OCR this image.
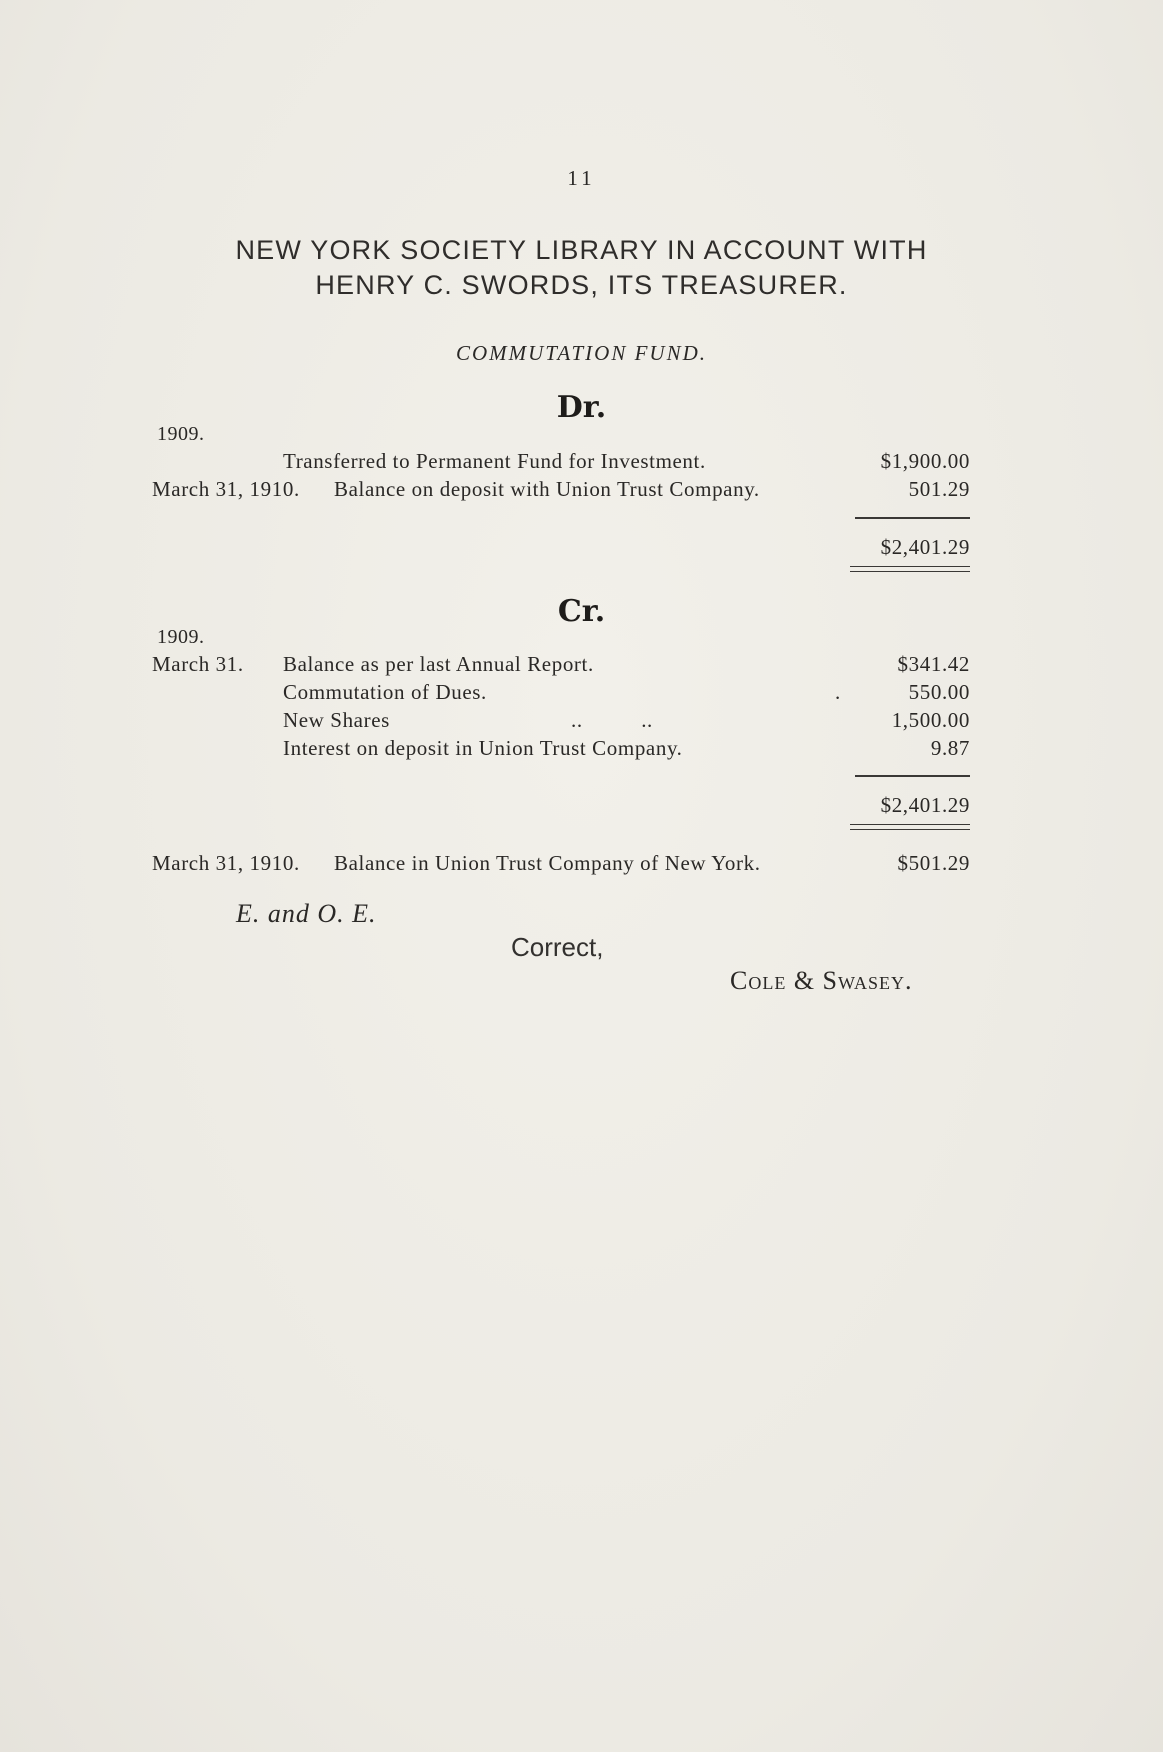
11
NEW YORK SOCIETY LIBRARY IN ACCOUNT WITH
HENRY C. SWORDS, ITS TREASURER.
COMMUTATION FUND.
Dr.
1909.
Transferred to Permanent Fund for Investment.	$1,900.00
March 31, 1910. Balance on deposit with Union Trust Company.	501.29
$2,401.29
Cr.
1909.
March 31. Balance as per last Annual Report.	$341.42
Commutation of Dues.	.	550.00
New Shares	..          ..	1,500.00
Interest on deposit in Union Trust Company.	9.87
$2,401.29
March 31, 1910. Balance in Union Trust Company of New York.	$501.29
E. and O. E.
Correct,
Cole & Swasey.
